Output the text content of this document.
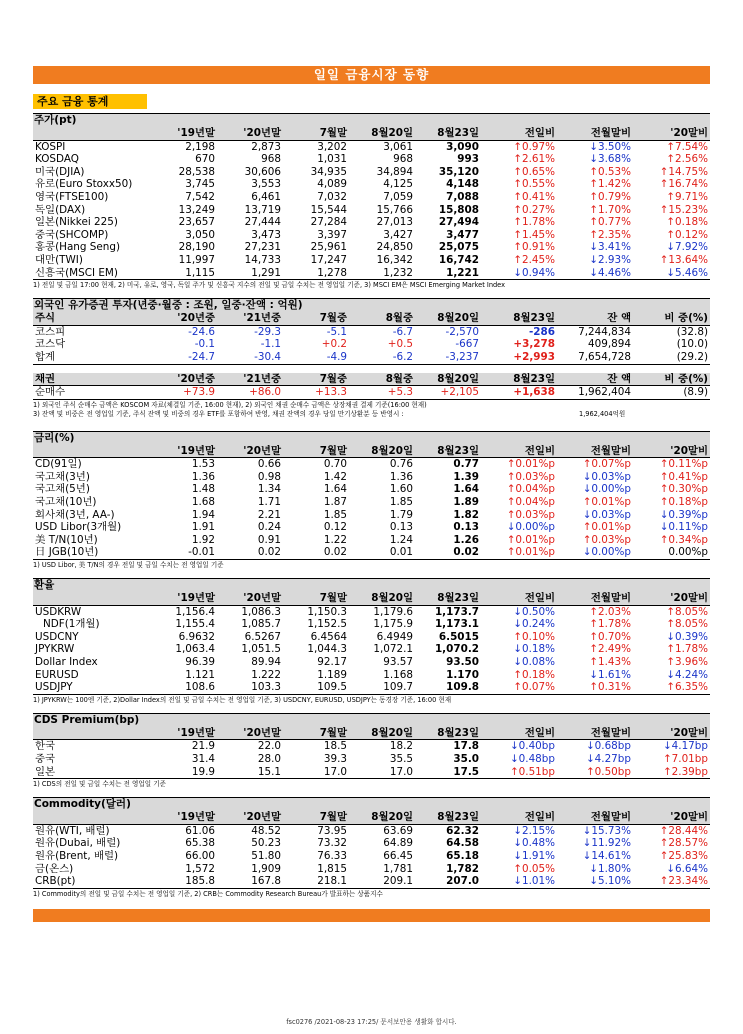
일일 금융시장 동향
주요 금융 통계
주가(pt)
	'19년말	'20년말	7월말	8월20일	8월23일	전일비	전월말비	'20말비
KOSPI	2,198	2,873	3,202	3,061	3,090	↑0.97%	↓3.50%	↑7.54%
KOSDAQ	670	968	1,031	968	993	↑2.61%	↓3.68%	↑2.56%
미국(DJIA)	28,538	30,606	34,935	34,894	35,120	↑0.65%	↑0.53%	↑14.75%
유로(Euro Stoxx50)	3,745	3,553	4,089	4,125	4,148	↑0.55%	↑1.42%	↑16.74%
영국(FTSE100)	7,542	6,461	7,032	7,059	7,088	↑0.41%	↑0.79%	↑9.71%
독일(DAX)	13,249	13,719	15,544	15,766	15,808	↑0.27%	↑1.70%	↑15.23%
일본(Nikkei 225)	23,657	27,444	27,284	27,013	27,494	↑1.78%	↑0.77%	↑0.18%
중국(SHCOMP)	3,050	3,473	3,397	3,427	3,477	↑1.45%	↑2.35%	↑0.12%
홍콩(Hang Seng)	28,190	27,231	25,961	24,850	25,075	↑0.91%	↓3.41%	↓7.92%
대만(TWI)	11,997	14,733	17,247	16,342	16,742	↑2.45%	↓2.93%	↑13.64%
신흥국(MSCI EM)	1,115	1,291	1,278	1,232	1,221	↓0.94%	↓4.46%	↓5.46%
1) 전일 및 금일 17:00 현재, 2) 미국, 유로, 영국, 독일 주가 및 신흥국 지수의 전일 및 금일 수치는 전 영업일 기준, 3) MSCI EM은 MSCI Emerging Market Index
외국인 유가증권 투자(년중·월중 : 조원, 일중·잔액 : 억원)
주식	'20년중	'21년중	7월중	8월중	8월20일	8월23일	잔 액	비 중(%)
코스피	-24.6	-29.3	-5.1	-6.7	-2,570	-286	7,244,834	(32.8)
코스닥	-0.1	-1.1	+0.2	+0.5	-667	+3,278	409,894	(10.0)
합계	-24.7	-30.4	-4.9	-6.2	-3,237	+2,993	7,654,728	(29.2)
채권	'20년중	'21년중	7월중	8월중	8월20일	8월23일	잔 액	비 중(%)
순매수	+73.9	+86.0	+13.3	+5.3	+2,105	+1,638	1,962,404	(8.9)
1) 외국인 주식 순매수 금액은 KOSCOM 자료(체결일 기준, 16:00 현재), 2) 외국인 채권 순매수 금액은 상장채권 결제 기준(16:00 현재)
3) 잔액 및 비중은 전 영업일 기준, 주식 잔액 및 비중의 경우 ETF를 포함하여 반영, 채권 잔액의 경우 당일 만기상환분 등 반영시 :	1,962,404억원
금리(%)
	'19년말	'20년말	7월말	8월20일	8월23일	전일비	전월말비	'20말비
CD(91일)	1.53	0.66	0.70	0.76	0.77	↑0.01%p	↑0.07%p	↑0.11%p
국고채(3년)	1.36	0.98	1.42	1.36	1.39	↑0.03%p	↓0.03%p	↑0.41%p
국고채(5년)	1.48	1.34	1.64	1.60	1.64	↑0.04%p	↓0.00%p	↑0.30%p
국고채(10년)	1.68	1.71	1.87	1.85	1.89	↑0.04%p	↑0.01%p	↑0.18%p
회사채(3년, AA-)	1.94	2.21	1.85	1.79	1.82	↑0.03%p	↓0.03%p	↓0.39%p
USD Libor(3개월)	1.91	0.24	0.12	0.13	0.13	↓0.00%p	↑0.01%p	↓0.11%p
美 T/N(10년)	1.92	0.91	1.22	1.24	1.26	↑0.01%p	↑0.03%p	↑0.34%p
日 JGB(10년)	-0.01	0.02	0.02	0.01	0.02	↑0.01%p	↓0.00%p	0.00%p
1) USD Libor, 美 T/N의 경우 전일 및 금일 수치는 전 영업일 기준
환율
	'19년말	'20년말	7월말	8월20일	8월23일	전일비	전월말비	'20말비
USDKRW	1,156.4	1,086.3	1,150.3	1,179.6	1,173.7	↓0.50%	↑2.03%	↑8.05%
NDF(1개월)	1,155.4	1,085.7	1,152.5	1,175.9	1,173.1	↓0.24%	↑1.78%	↑8.05%
USDCNY	6.9632	6.5267	6.4564	6.4949	6.5015	↑0.10%	↑0.70%	↓0.39%
JPYKRW	1,063.4	1,051.5	1,044.3	1,072.1	1,070.2	↓0.18%	↑2.49%	↑1.78%
Dollar Index	96.39	89.94	92.17	93.57	93.50	↓0.08%	↑1.43%	↑3.96%
EURUSD	1.121	1.222	1.189	1.168	1.170	↑0.18%	↓1.61%	↓4.24%
USDJPY	108.6	103.3	109.5	109.7	109.8	↑0.07%	↑0.31%	↑6.35%
1) JPYKRW는 100엔 기준, 2)Dollar Index의 전일 및 금일 수치는 전 영업일 기준, 3) USDCNY, EURUSD, USDJPY는 동경장 기준, 16:00 현재
CDS Premium(bp)
	'19년말	'20년말	7월말	8월20일	8월23일	전일비	전월말비	'20말비
한국	21.9	22.0	18.5	18.2	17.8	↓0.40bp	↓0.68bp	↓4.17bp
중국	31.4	28.0	39.3	35.5	35.0	↓0.48bp	↓4.27bp	↑7.01bp
일본	19.9	15.1	17.0	17.0	17.5	↑0.51bp	↑0.50bp	↑2.39bp
1) CDS의 전일 및 금일 수치는 전 영업일 기준
Commodity(달러)
	'19년말	'20년말	7월말	8월20일	8월23일	전일비	전월말비	'20말비
원유(WTI, 배럴)	61.06	48.52	73.95	63.69	62.32	↓2.15%	↓15.73%	↑28.44%
원유(Dubai, 배럴)	65.38	50.23	73.32	64.89	64.58	↓0.48%	↓11.92%	↑28.57%
원유(Brent, 배럴)	66.00	51.80	76.33	66.45	65.18	↓1.91%	↓14.61%	↑25.83%
금(온스)	1,572	1,909	1,815	1,781	1,782	↑0.05%	↓1.80%	↓6.64%
CRB(pt)	185.8	167.8	218.1	209.1	207.0	↓1.01%	↓5.10%	↑23.34%
1) Commodity의 전일 및 금일 수치는 전 영업일 기준, 2) CRB는 Commodity Research Bureau가 발표하는 상품지수
fsc0276 /2021-08-23 17:25/ 문서보안용 생활화 합시다.
